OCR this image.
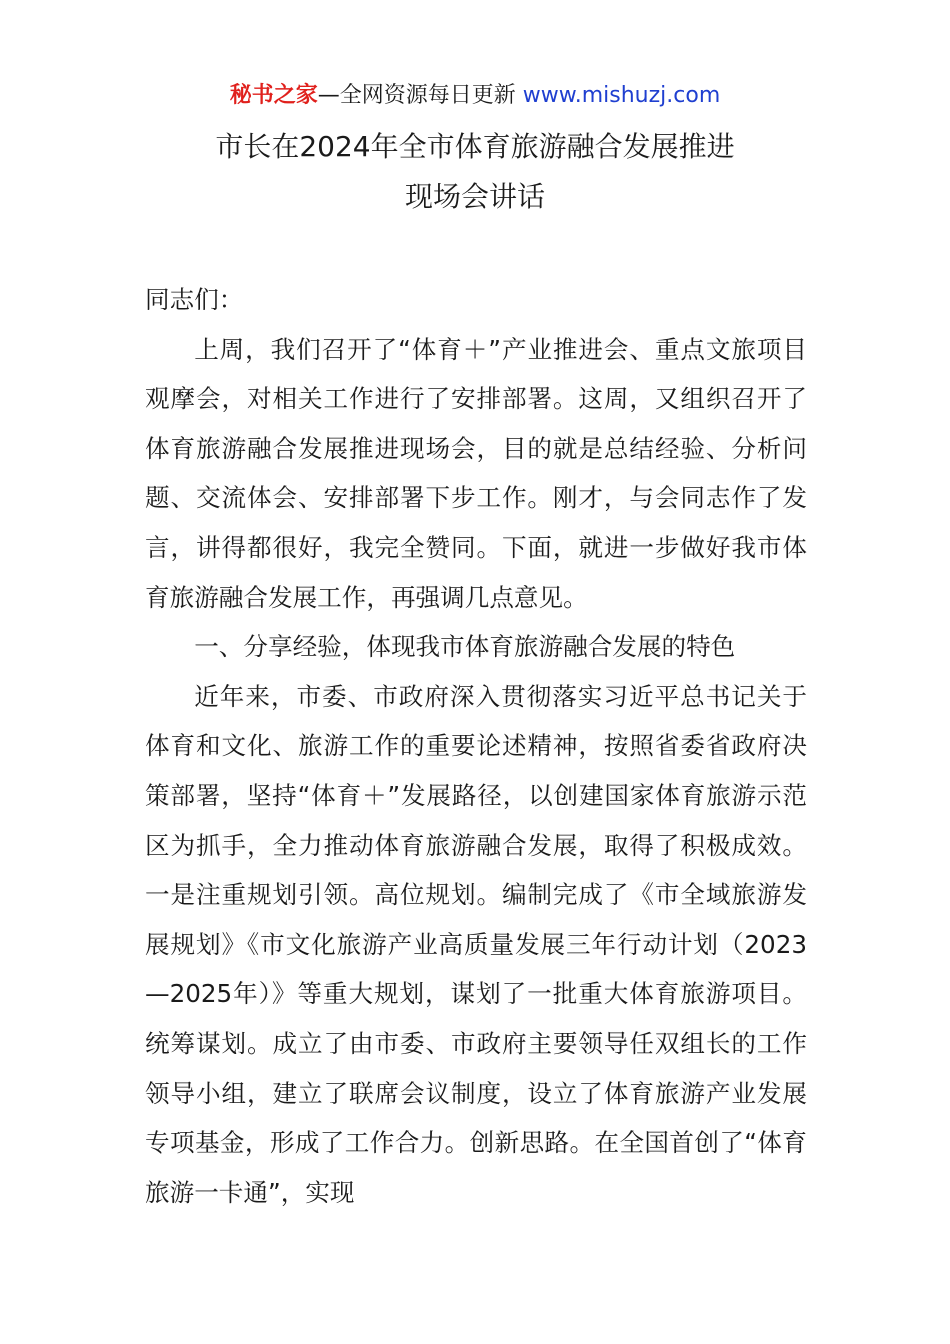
秘书之家—全网资源每日更新 www.mishuzj.com
市长在2024年全市体育旅游融合发展推进
现场会讲话

同志们：

上周，我们召开了“体育＋”产业推进会、重点文旅项目观摩会，对相关工作进行了安排部署。这周，又组织召开了体育旅游融合发展推进现场会，目的就是总结经验、分析问题、交流体会、安排部署下步工作。刚才，与会同志作了发言，讲得都很好，我完全赞同。下面，就进一步做好我市体育旅游融合发展工作，再强调几点意见。

一、分享经验，体现我市体育旅游融合发展的特色

近年来，市委、市政府深入贯彻落实习近平总书记关于体育和文化、旅游工作的重要论述精神，按照省委省政府决策部署，坚持“体育＋”发展路径，以创建国家体育旅游示范区为抓手，全力推动体育旅游融合发展，取得了积极成效。一是注重规划引领。高位规划。编制完成了《市全域旅游发展规划》《市文化旅游产业高质量发展三年行动计划（2023—2025年）》等重大规划，谋划了一批重大体育旅游项目。统筹谋划。成立了由市委、市政府主要领导任双组长的工作领导小组，建立了联席会议制度，设立了体育旅游产业发展专项基金，形成了工作合力。创新思路。在全国首创了“体育旅游一卡通”，实现
